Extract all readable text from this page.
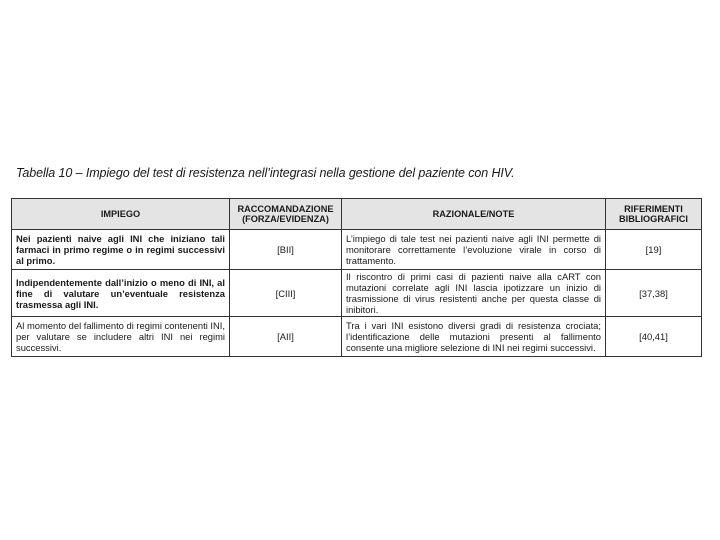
Tabella 10 – Impiego del test di resistenza nell’integrasi nella gestione del paziente con HIV.
IMPIEGO	RACCOMANDAZIONE (FORZA/EVIDENZA)	RAZIONALE/NOTE	RIFERIMENTI BIBLIOGRAFICI
Nei pazienti naive agli INI che iniziano tali farmaci in primo regime o in regimi successivi al primo.	[BII]	L’impiego di tale test nei pazienti naive agli INI permette di monitorare correttamente l’evoluzione virale in corso di trattamento.	[19]
Indipendentemente dall’inizio o meno di INI, al fine di valutare un’eventuale resistenza trasmessa agli INI.	[CIII]	Il riscontro di primi casi di pazienti naive alla cART con mutazioni correlate agli INI lascia ipotizzare un inizio di trasmissione di virus resistenti anche per questa classe di inibitori.	[37,38]
Al momento del fallimento di regimi contenenti INI, per valutare se includere altri INI nei regimi successivi.	[AII]	Tra i vari INI esistono diversi gradi di resistenza crociata; l’identificazione delle mutazioni presenti al fallimento consente una migliore selezione di INI nei regimi successivi.	[40,41]
